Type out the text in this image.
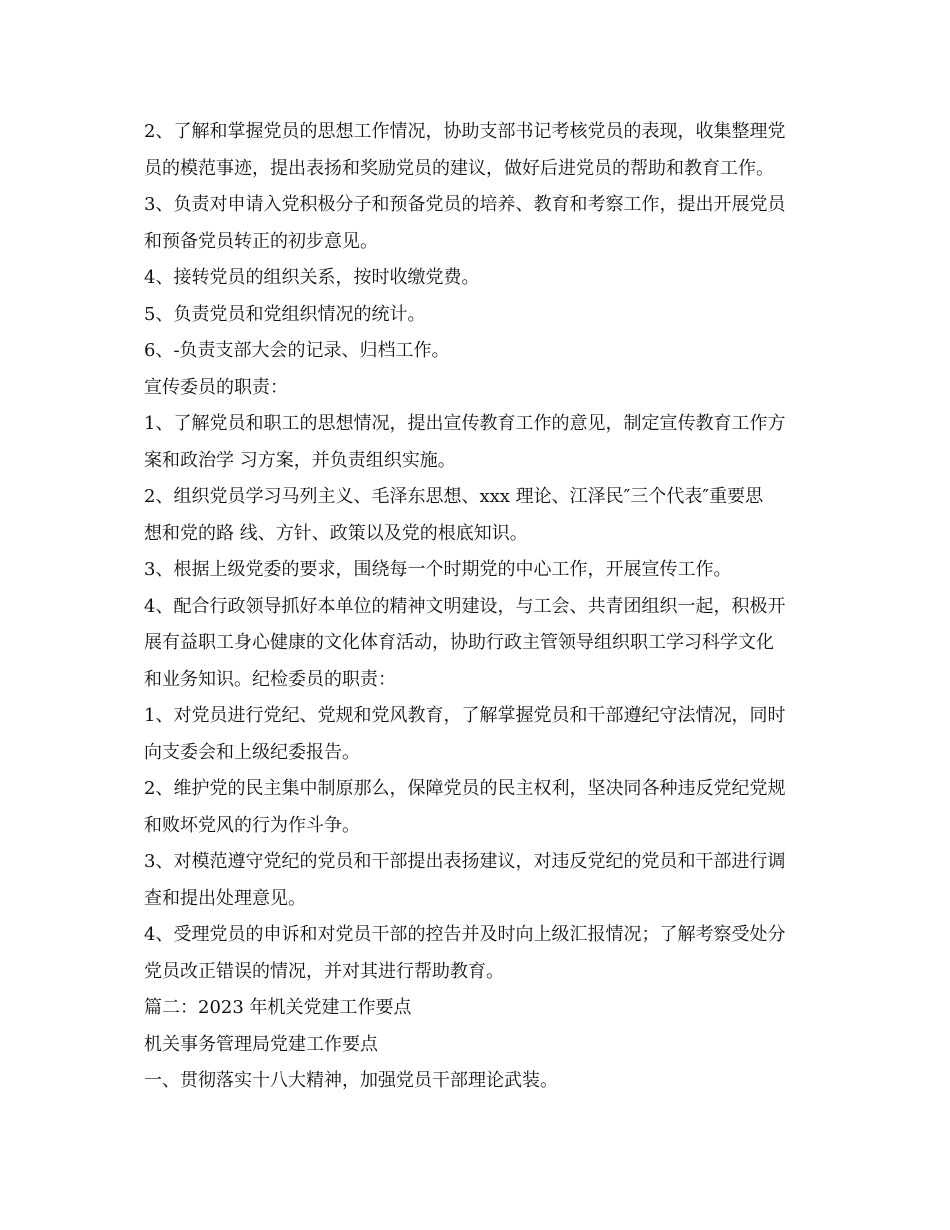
2、了解和掌握党员的思想工作情况，协助支部书记考核党员的表现，收集整理党
员的模范事迹，提出表扬和奖励党员的建议，做好后进党员的帮助和教育工作。

3、负责对申请入党积极分子和预备党员的培养、教育和考察工作，提出开展党员
和预备党员转正的初步意见。

4、接转党员的组织关系，按时收缴党费。

5、负责党员和党组织情况的统计。

6、-负责支部大会的记录、归档工作。

宣传委员的职责：

1、了解党员和职工的思想情况，提出宣传教育工作的意见，制定宣传教育工作方
案和政治学 习方案，并负责组织实施。

2、组织党员学习马列主义、毛泽东思想、xxx 理论、江泽民″三个代表″重要思
想和党的路 线、方针、政策以及党的根底知识。

3、根据上级党委的要求，围绕每一个时期党的中心工作，开展宣传工作。

4、配合行政领导抓好本单位的精神文明建设，与工会、共青团组织一起，积极开
展有益职工身心健康的文化体育活动，协助行政主管领导组织职工学习科学文化
和业务知识。纪检委员的职责：

1、对党员进行党纪、党规和党风教育，了解掌握党员和干部遵纪守法情况，同时
向支委会和上级纪委报告。

2、维护党的民主集中制原那么，保障党员的民主权利，坚决同各种违反党纪党规
和败坏党风的行为作斗争。

3、对模范遵守党纪的党员和干部提出表扬建议，对违反党纪的党员和干部进行调
查和提出处理意见。

4、受理党员的申诉和对党员干部的控告并及时向上级汇报情况；了解考察受处分
党员改正错误的情况，并对其进行帮助教育。

篇二：2023 年机关党建工作要点

机关事务管理局党建工作要点

一、贯彻落实十八大精神，加强党员干部理论武装。
